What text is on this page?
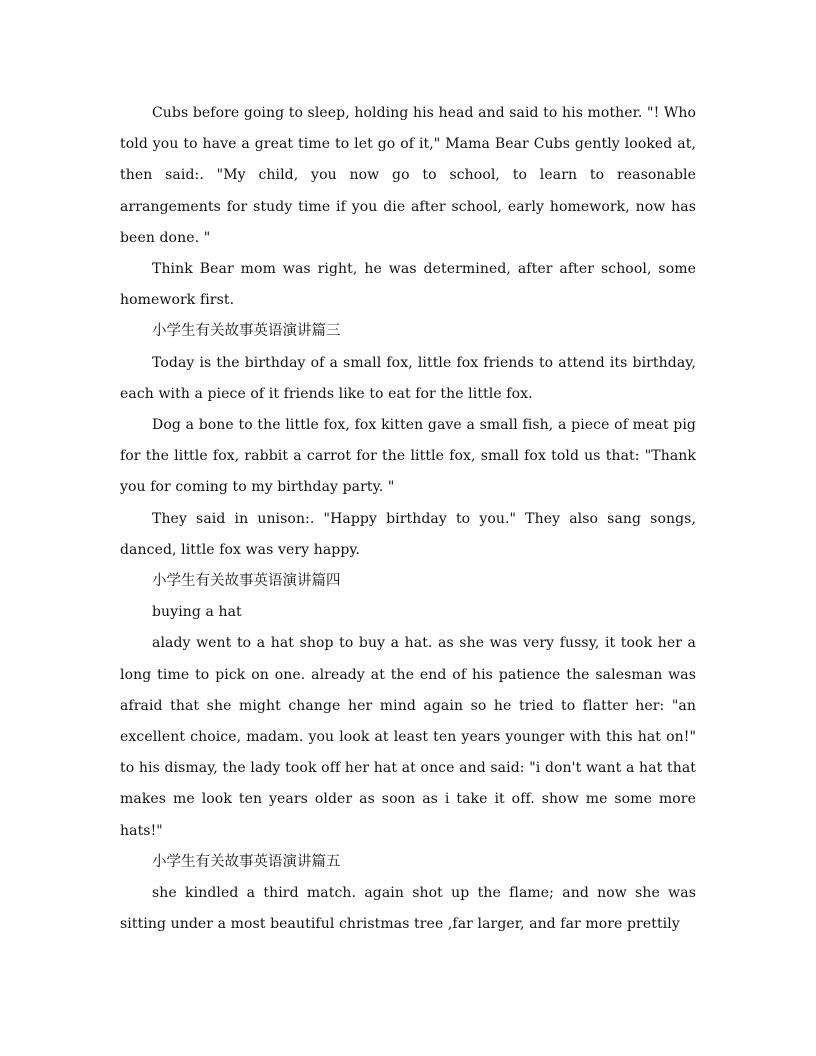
Cubs before going to sleep, holding his head and said to his mother. "! Who told you to have a great time to let go of it," Mama Bear Cubs gently looked at, then said:. "My child, you now go to school, to learn to reasonable arrangements for study time if you die after school, early homework, now has been done. "

Think Bear mom was right, he was determined, after after school, some homework first.

小学生有关故事英语演讲篇三

Today is the birthday of a small fox, little fox friends to attend its birthday, each with a piece of it friends like to eat for the little fox.

Dog a bone to the little fox, fox kitten gave a small fish, a piece of meat pig for the little fox, rabbit a carrot for the little fox, small fox told us that: "Thank you for coming to my birthday party. "

They said in unison:. "Happy birthday to you." They also sang songs, danced, little fox was very happy.

小学生有关故事英语演讲篇四

buying a hat

alady went to a hat shop to buy a hat. as she was very fussy, it took her a long time to pick on one. already at the end of his patience the salesman was afraid that she might change her mind again so he tried to flatter her: "an excellent choice, madam. you look at least ten years younger with this hat on!" to his dismay, the lady took off her hat at once and said: "i don't want a hat that makes me look ten years older as soon as i take it off. show me some more hats!"

小学生有关故事英语演讲篇五

she kindled a third match. again shot up the flame; and now she was sitting under a most beautiful christmas tree ,far larger, and far more prettily
